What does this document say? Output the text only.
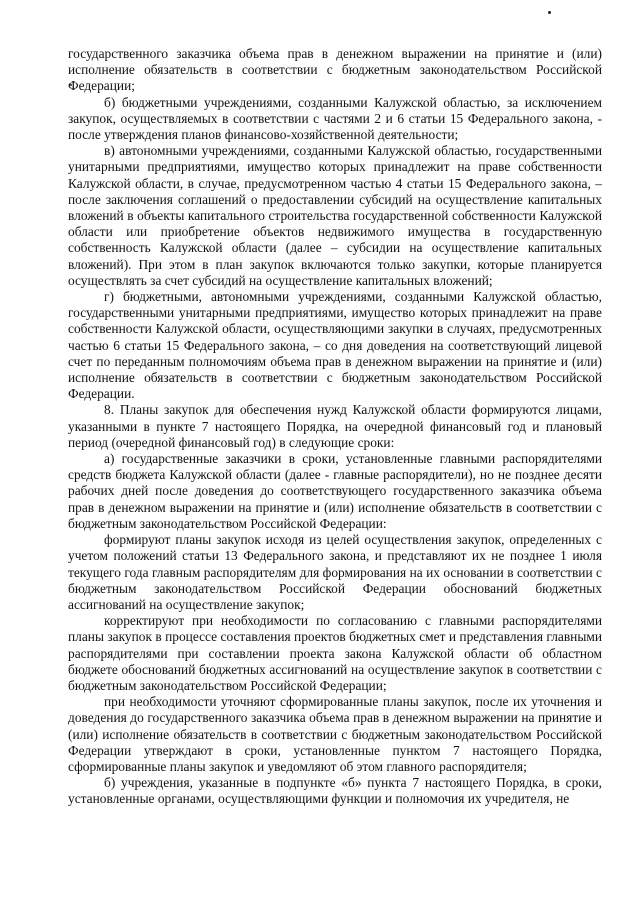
государственного заказчика объема прав в денежном выражении на принятие и (или) исполнение обязательств в соответствии с бюджетным законодательством Российской Федерации;

б) бюджетными учреждениями, созданными Калужской областью, за исключением закупок, осуществляемых в соответствии с частями 2 и 6 статьи 15 Федерального закона, - после утверждения планов финансово-хозяйственной деятельности;

в) автономными учреждениями, созданными Калужской областью, государственными унитарными предприятиями, имущество которых принадлежит на праве собственности Калужской области, в случае, предусмотренном частью 4 статьи 15 Федерального закона, – после заключения соглашений о предоставлении субсидий на осуществление капитальных вложений в объекты капитального строительства государственной собственности Калужской области или приобретение объектов недвижимого имущества в государственную собственность Калужской области (далее – субсидии на осуществление капитальных вложений). При этом в план закупок включаются только закупки, которые планируется осуществлять за счет субсидий на осуществление капитальных вложений;

г) бюджетными, автономными учреждениями, созданными Калужской областью, государственными унитарными предприятиями, имущество которых принадлежит на праве собственности Калужской области, осуществляющими закупки в случаях, предусмотренных частью 6 статьи 15 Федерального закона, – со дня доведения на соответствующий лицевой счет по переданным полномочиям объема прав в денежном выражении на принятие и (или) исполнение обязательств в соответствии с бюджетным законодательством Российской Федерации.

8. Планы закупок для обеспечения нужд Калужской области формируются лицами, указанными в пункте 7 настоящего Порядка, на очередной финансовый год и плановый период (очередной финансовый год) в следующие сроки:

а) государственные заказчики в сроки, установленные главными распорядителями средств бюджета Калужской области (далее - главные распорядители), но не позднее десяти рабочих дней после доведения до соответствующего государственного заказчика объема прав в денежном выражении на принятие и (или) исполнение обязательств в соответствии с бюджетным законодательством Российской Федерации:

формируют планы закупок исходя из целей осуществления закупок, определенных с учетом положений статьи 13 Федерального закона, и представляют их не позднее 1 июля текущего года главным распорядителям для формирования на их основании в соответствии с бюджетным законодательством Российской Федерации обоснований бюджетных ассигнований на осуществление закупок;

корректируют при необходимости по согласованию с главными распорядителями планы закупок в процессе составления проектов бюджетных смет и представления главными распорядителями при составлении проекта закона Калужской области об областном бюджете обоснований бюджетных ассигнований на осуществление закупок в соответствии с бюджетным законодательством Российской Федерации;

при необходимости уточняют сформированные планы закупок, после их уточнения и доведения до государственного заказчика объема прав в денежном выражении на принятие и (или) исполнение обязательств в соответствии с бюджетным законодательством Российской Федерации утверждают в сроки, установленные пунктом 7 настоящего Порядка, сформированные планы закупок и уведомляют об этом главного распорядителя;

б) учреждения, указанные в подпункте «б» пункта 7 настоящего Порядка, в сроки, установленные органами, осуществляющими функции и полномочия их учредителя, не
